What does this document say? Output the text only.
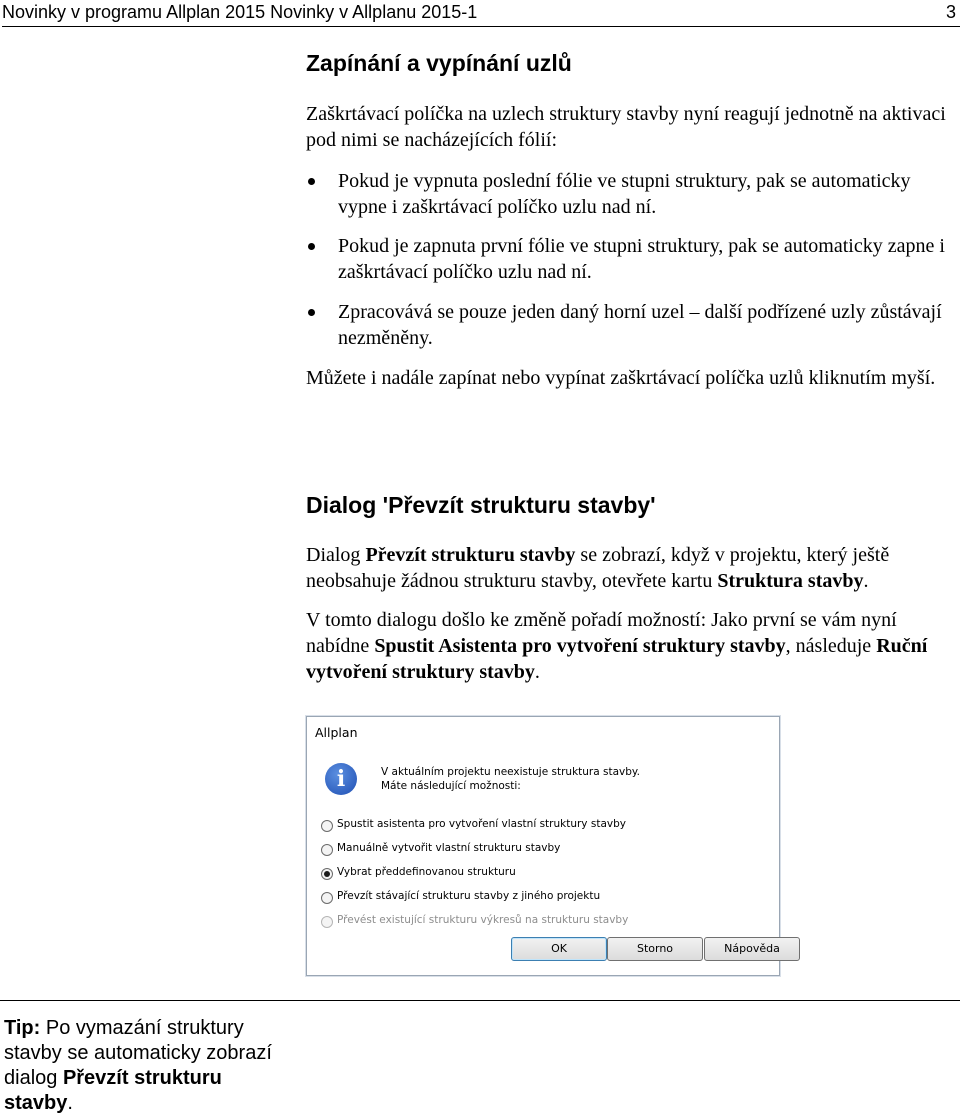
Novinky v programu Allplan 2015 Novinky v Allplanu 2015-1	3
Zapínání a vypínání uzlů

Zaškrtávací políčka na uzlech struktury stavby nyní reagují jednotně na aktivaci pod nimi se nacházejících fólií:

Pokud je vypnuta poslední fólie ve stupni struktury, pak se automaticky vypne i zaškrtávací políčko uzlu nad ní.
Pokud je zapnuta první fólie ve stupni struktury, pak se automaticky zapne i zaškrtávací políčko uzlu nad ní.
Zpracovává se pouze jeden daný horní uzel – další podřízené uzly zůstávají nezměněny.

Můžete i nadále zapínat nebo vypínat zaškrtávací políčka uzlů kliknutím myší.

Dialog 'Převzít strukturu stavby'

Dialog Převzít strukturu stavby se zobrazí, když v projektu, který ještě neobsahuje žádnou strukturu stavby, otevřete kartu Struktura stavby.

V tomto dialogu došlo ke změně pořadí možností: Jako první se vám nyní nabídne Spustit Asistenta pro vytvoření struktury stavby, následuje Ruční vytvoření struktury stavby.

Allplan
i	V aktuálním projektu neexistuje struktura stavby.
Máte následující možnosti:
Spustit asistenta pro vytvoření vlastní struktury stavby
Manuálně vytvořit vlastní strukturu stavby
Vybrat předdefinovanou strukturu
Převzít stávající strukturu stavby z jiného projektu
Převést existující strukturu výkresů na strukturu stavby
OK	Storno	Nápověda
Tip: Po vymazání struktury stavby se automaticky zobrazí dialog Převzít strukturu stavby.
